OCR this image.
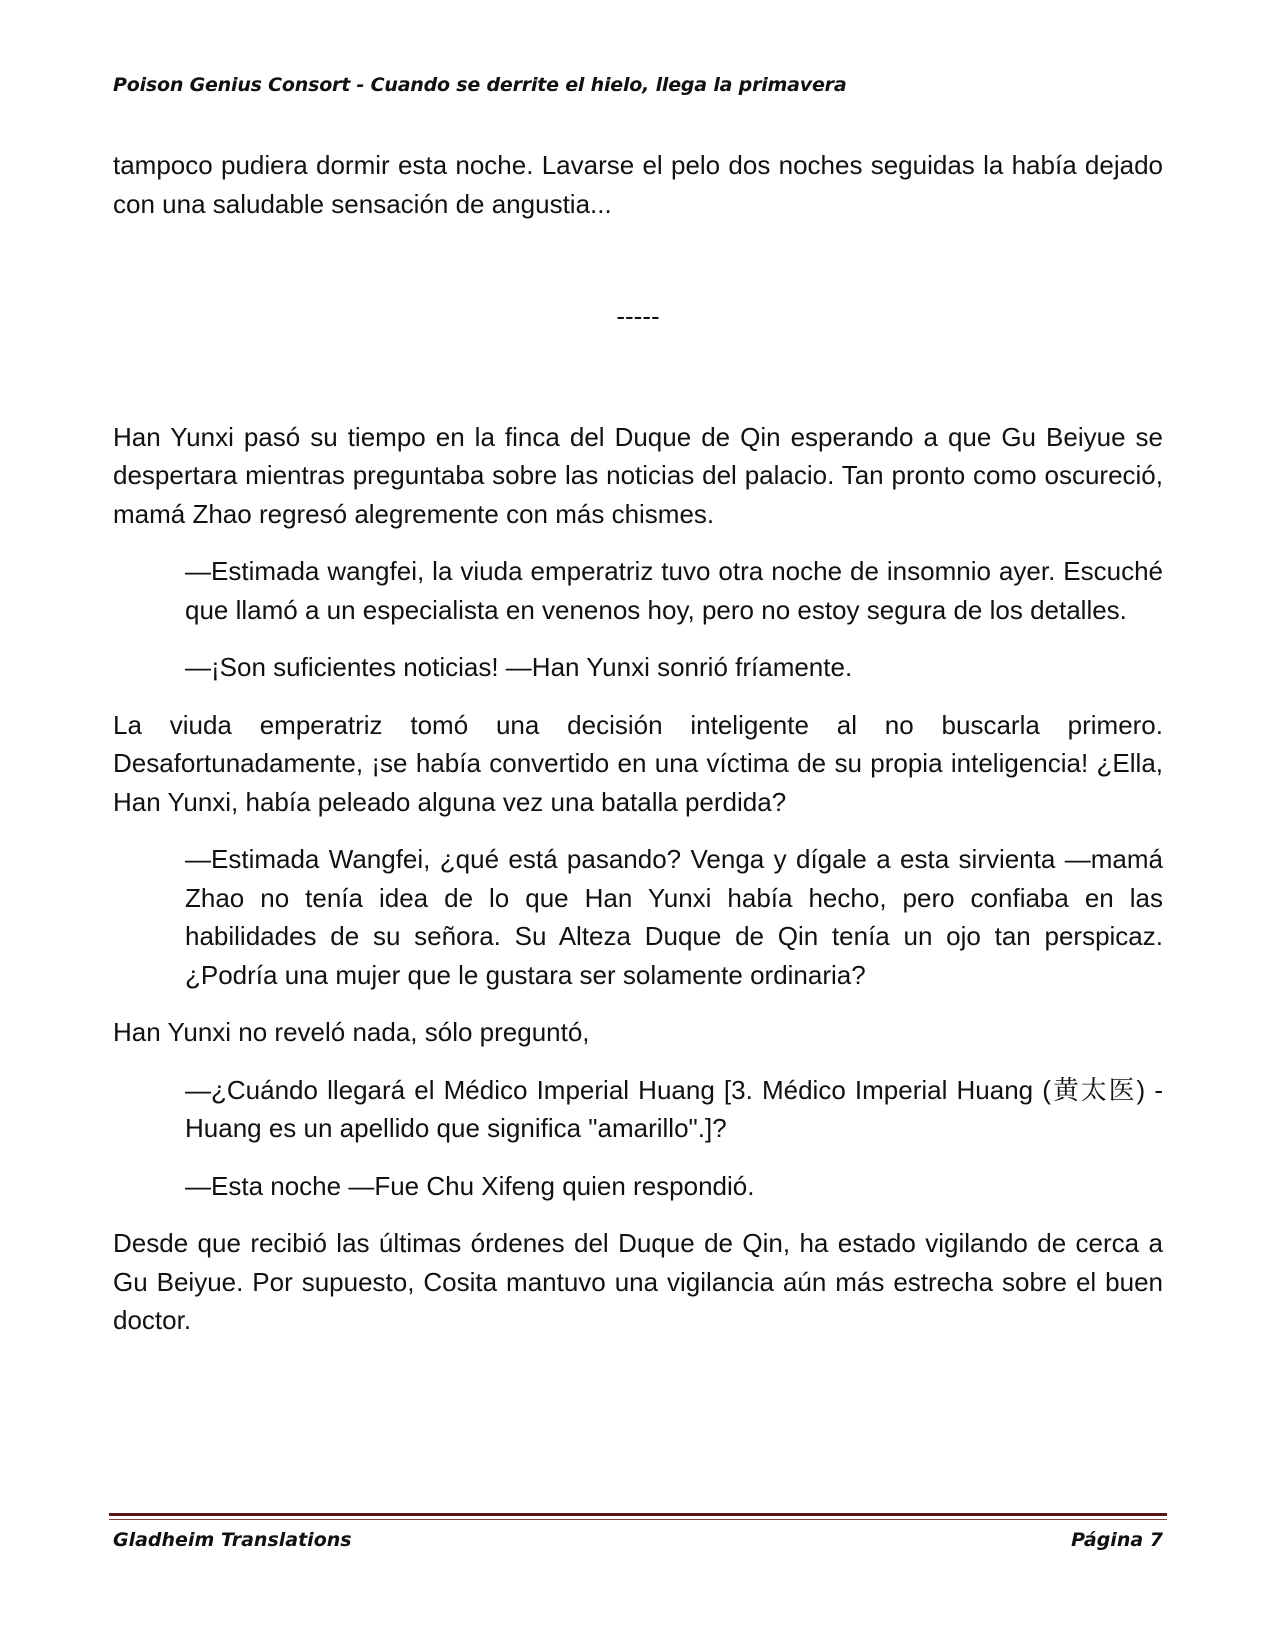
Poison Genius Consort - Cuando se derrite el hielo, llega la primavera

tampoco pudiera dormir esta noche. Lavarse el pelo dos noches seguidas la había dejado con una saludable sensación de angustia...

-----

Han Yunxi pasó su tiempo en la finca del Duque de Qin esperando a que Gu Beiyue se despertara mientras preguntaba sobre las noticias del palacio. Tan pronto como oscureció, mamá Zhao regresó alegremente con más chismes.

—Estimada wangfei, la viuda emperatriz tuvo otra noche de insomnio ayer. Escuché que llamó a un especialista en venenos hoy, pero no estoy segura de los detalles.

—¡Son suficientes noticias! —Han Yunxi sonrió fríamente.

La viuda emperatriz tomó una decisión inteligente al no buscarla primero. Desafortunadamente, ¡se había convertido en una víctima de su propia inteligencia! ¿Ella, Han Yunxi, había peleado alguna vez una batalla perdida?

—Estimada Wangfei, ¿qué está pasando? Venga y dígale a esta sirvienta —mamá Zhao no tenía idea de lo que Han Yunxi había hecho, pero confiaba en las habilidades de su señora. Su Alteza Duque de Qin tenía un ojo tan perspicaz. ¿Podría una mujer que le gustara ser solamente ordinaria?

Han Yunxi no reveló nada, sólo preguntó,

—¿Cuándo llegará el Médico Imperial Huang [3. Médico Imperial Huang (黄太医) - Huang es un apellido que significa "amarillo".]?

—Esta noche —Fue Chu Xifeng quien respondió.

Desde que recibió las últimas órdenes del Duque de Qin, ha estado vigilando de cerca a Gu Beiyue. Por supuesto, Cosita mantuvo una vigilancia aún más estrecha sobre el buen doctor.

Gladheim Translations	Página 7
